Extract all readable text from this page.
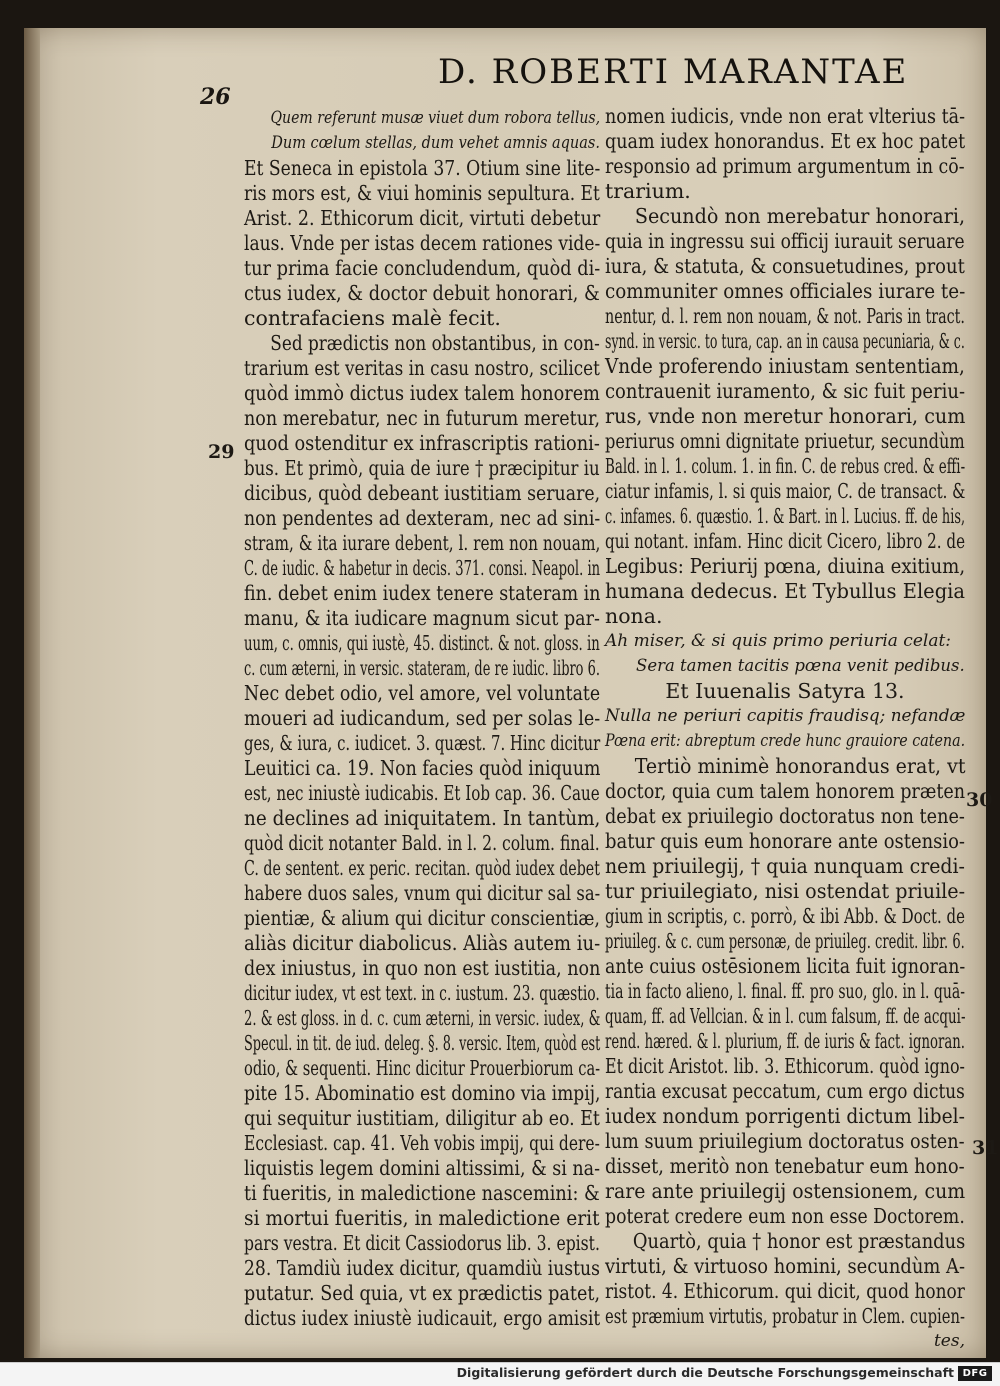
26
D. ROBERTI MARANTAE
Quem referunt musæ viuet dum robora tellus,
Dum cœlum stellas, dum vehet amnis aquas.
Et Seneca in epistola 37. Otium sine lite-
ris mors est, & viui hominis sepultura. Et
Arist. 2. Ethicorum dicit, virtuti debetur
laus. Vnde per istas decem rationes vide-
tur prima facie concludendum, quòd di-
ctus iudex, & doctor debuit honorari, &
contrafaciens malè fecit.
Sed prædictis non obstantibus, in con-
trarium est veritas in casu nostro, scilicet
quòd immò dictus iudex talem honorem
non merebatur, nec in futurum meretur,
quod ostenditur ex infrascriptis rationi-
bus. Et primò, quia de iure † præcipitur iu
dicibus, quòd debeant iustitiam seruare,
non pendentes ad dexteram, nec ad sini-
stram, & ita iurare debent, l. rem non nouam,
C. de iudic. & habetur in decis. 371. consi. Neapol. in
fin. debet enim iudex tenere stateram in
manu, & ita iudicare magnum sicut par-
uum, c. omnis, qui iustè, 45. distinct. & not. gloss. in
c. cum æterni, in versic. stateram, de re iudic. libro 6.
Nec debet odio, vel amore, vel voluntate
moueri ad iudicandum, sed per solas le-
ges, & iura, c. iudicet. 3. quæst. 7. Hinc dicitur
Leuitici ca. 19. Non facies quòd iniquum
est, nec iniustè iudicabis. Et Iob cap. 36. Caue
ne declines ad iniquitatem. In tantùm,
quòd dicit notanter Bald. in l. 2. colum. final.
C. de sentent. ex peric. recitan. quòd iudex debet
habere duos sales, vnum qui dicitur sal sa-
pientiæ, & alium qui dicitur conscientiæ,
aliàs dicitur diabolicus. Aliàs autem iu-
dex iniustus, in quo non est iustitia, non
dicitur iudex, vt est text. in c. iustum. 23. quæstio.
2. & est gloss. in d. c. cum æterni, in versic. iudex, &
Specul. in tit. de iud. deleg. §. 8. versic. Item, quòd est
odio, & sequenti. Hinc dicitur Prouerbiorum ca-
pite 15. Abominatio est domino via impij,
qui sequitur iustitiam, diligitur ab eo. Et
Ecclesiast. cap. 41. Veh vobis impij, qui dere-
liquistis legem domini altissimi, & si na-
ti fueritis, in maledictione nascemini: &
si mortui fueritis, in maledictione erit
pars vestra. Et dicit Cassiodorus lib. 3. epist.
28. Tamdiù iudex dicitur, quamdiù iustus
putatur. Sed quia, vt ex prædictis patet,
dictus iudex iniustè iudicauit, ergo amisit
nomen iudicis, vnde non erat vlterius tā-
quam iudex honorandus. Et ex hoc patet
responsio ad primum argumentum in cō-
trarium.
Secundò non merebatur honorari,
quia in ingressu sui officij iurauit seruare
iura, & statuta, & consuetudines, prout
communiter omnes officiales iurare te-
nentur, d. l. rem non nouam, & not. Paris in tract.
synd. in versic. to tura, cap. an in causa pecuniaria, & c.
Vnde proferendo iniustam sententiam,
contrauenit iuramento, & sic fuit periu-
rus, vnde non meretur honorari, cum
periurus omni dignitate priuetur, secundùm
Bald. in l. 1. colum. 1. in fin. C. de rebus cred. & effi-
ciatur infamis, l. si quis maior, C. de transact. &
c. infames. 6. quæstio. 1. & Bart. in l. Lucius. ff. de his,
qui notant. infam. Hinc dicit Cicero, libro 2. de
Legibus: Periurij pœna, diuina exitium,
humana dedecus. Et Tybullus Elegia
nona.
Ah miser, & si quis primo periuria celat:
Sera tamen tacitis pœna venit pedibus.
Et Iuuenalis Satyra 13.
Nulla ne periuri capitis fraudisq; nefandæ
Pœna erit: abreptum crede hunc grauiore catena.
Tertiò minimè honorandus erat, vt
doctor, quia cum talem honorem præten
debat ex priuilegio doctoratus non tene-
batur quis eum honorare ante ostensio-
nem priuilegij, † quia nunquam credi-
tur priuilegiato, nisi ostendat priuile-
gium in scriptis, c. porrò, & ibi Abb. & Doct. de
priuileg. & c. cum personæ, de priuileg. credit. libr. 6.
ante cuius ostēsionem licita fuit ignoran-
tia in facto alieno, l. final. ff. pro suo, glo. in l. quā-
quam, ff. ad Vellcian. & in l. cum falsum, ff. de acqui-
rend. hæred. & l. plurium, ff. de iuris & fact. ignoran.
Et dicit Aristot. lib. 3. Ethicorum. quòd igno-
rantia excusat peccatum, cum ergo dictus
iudex nondum porrigenti dictum libel-
lum suum priuilegium doctoratus osten-
disset, meritò non tenebatur eum hono-
rare ante priuilegij ostensionem, cum
poterat credere eum non esse Doctorem.
Quartò, quia † honor est præstandus
virtuti, & virtuoso homini, secundùm A-
ristot. 4. Ethicorum. qui dicit, quod honor
est præmium virtutis, probatur in Clem. cupien-
tes,
29
30
31
Digitalisierung gefördert durch die Deutsche Forschungsgemeinschaft DFG
